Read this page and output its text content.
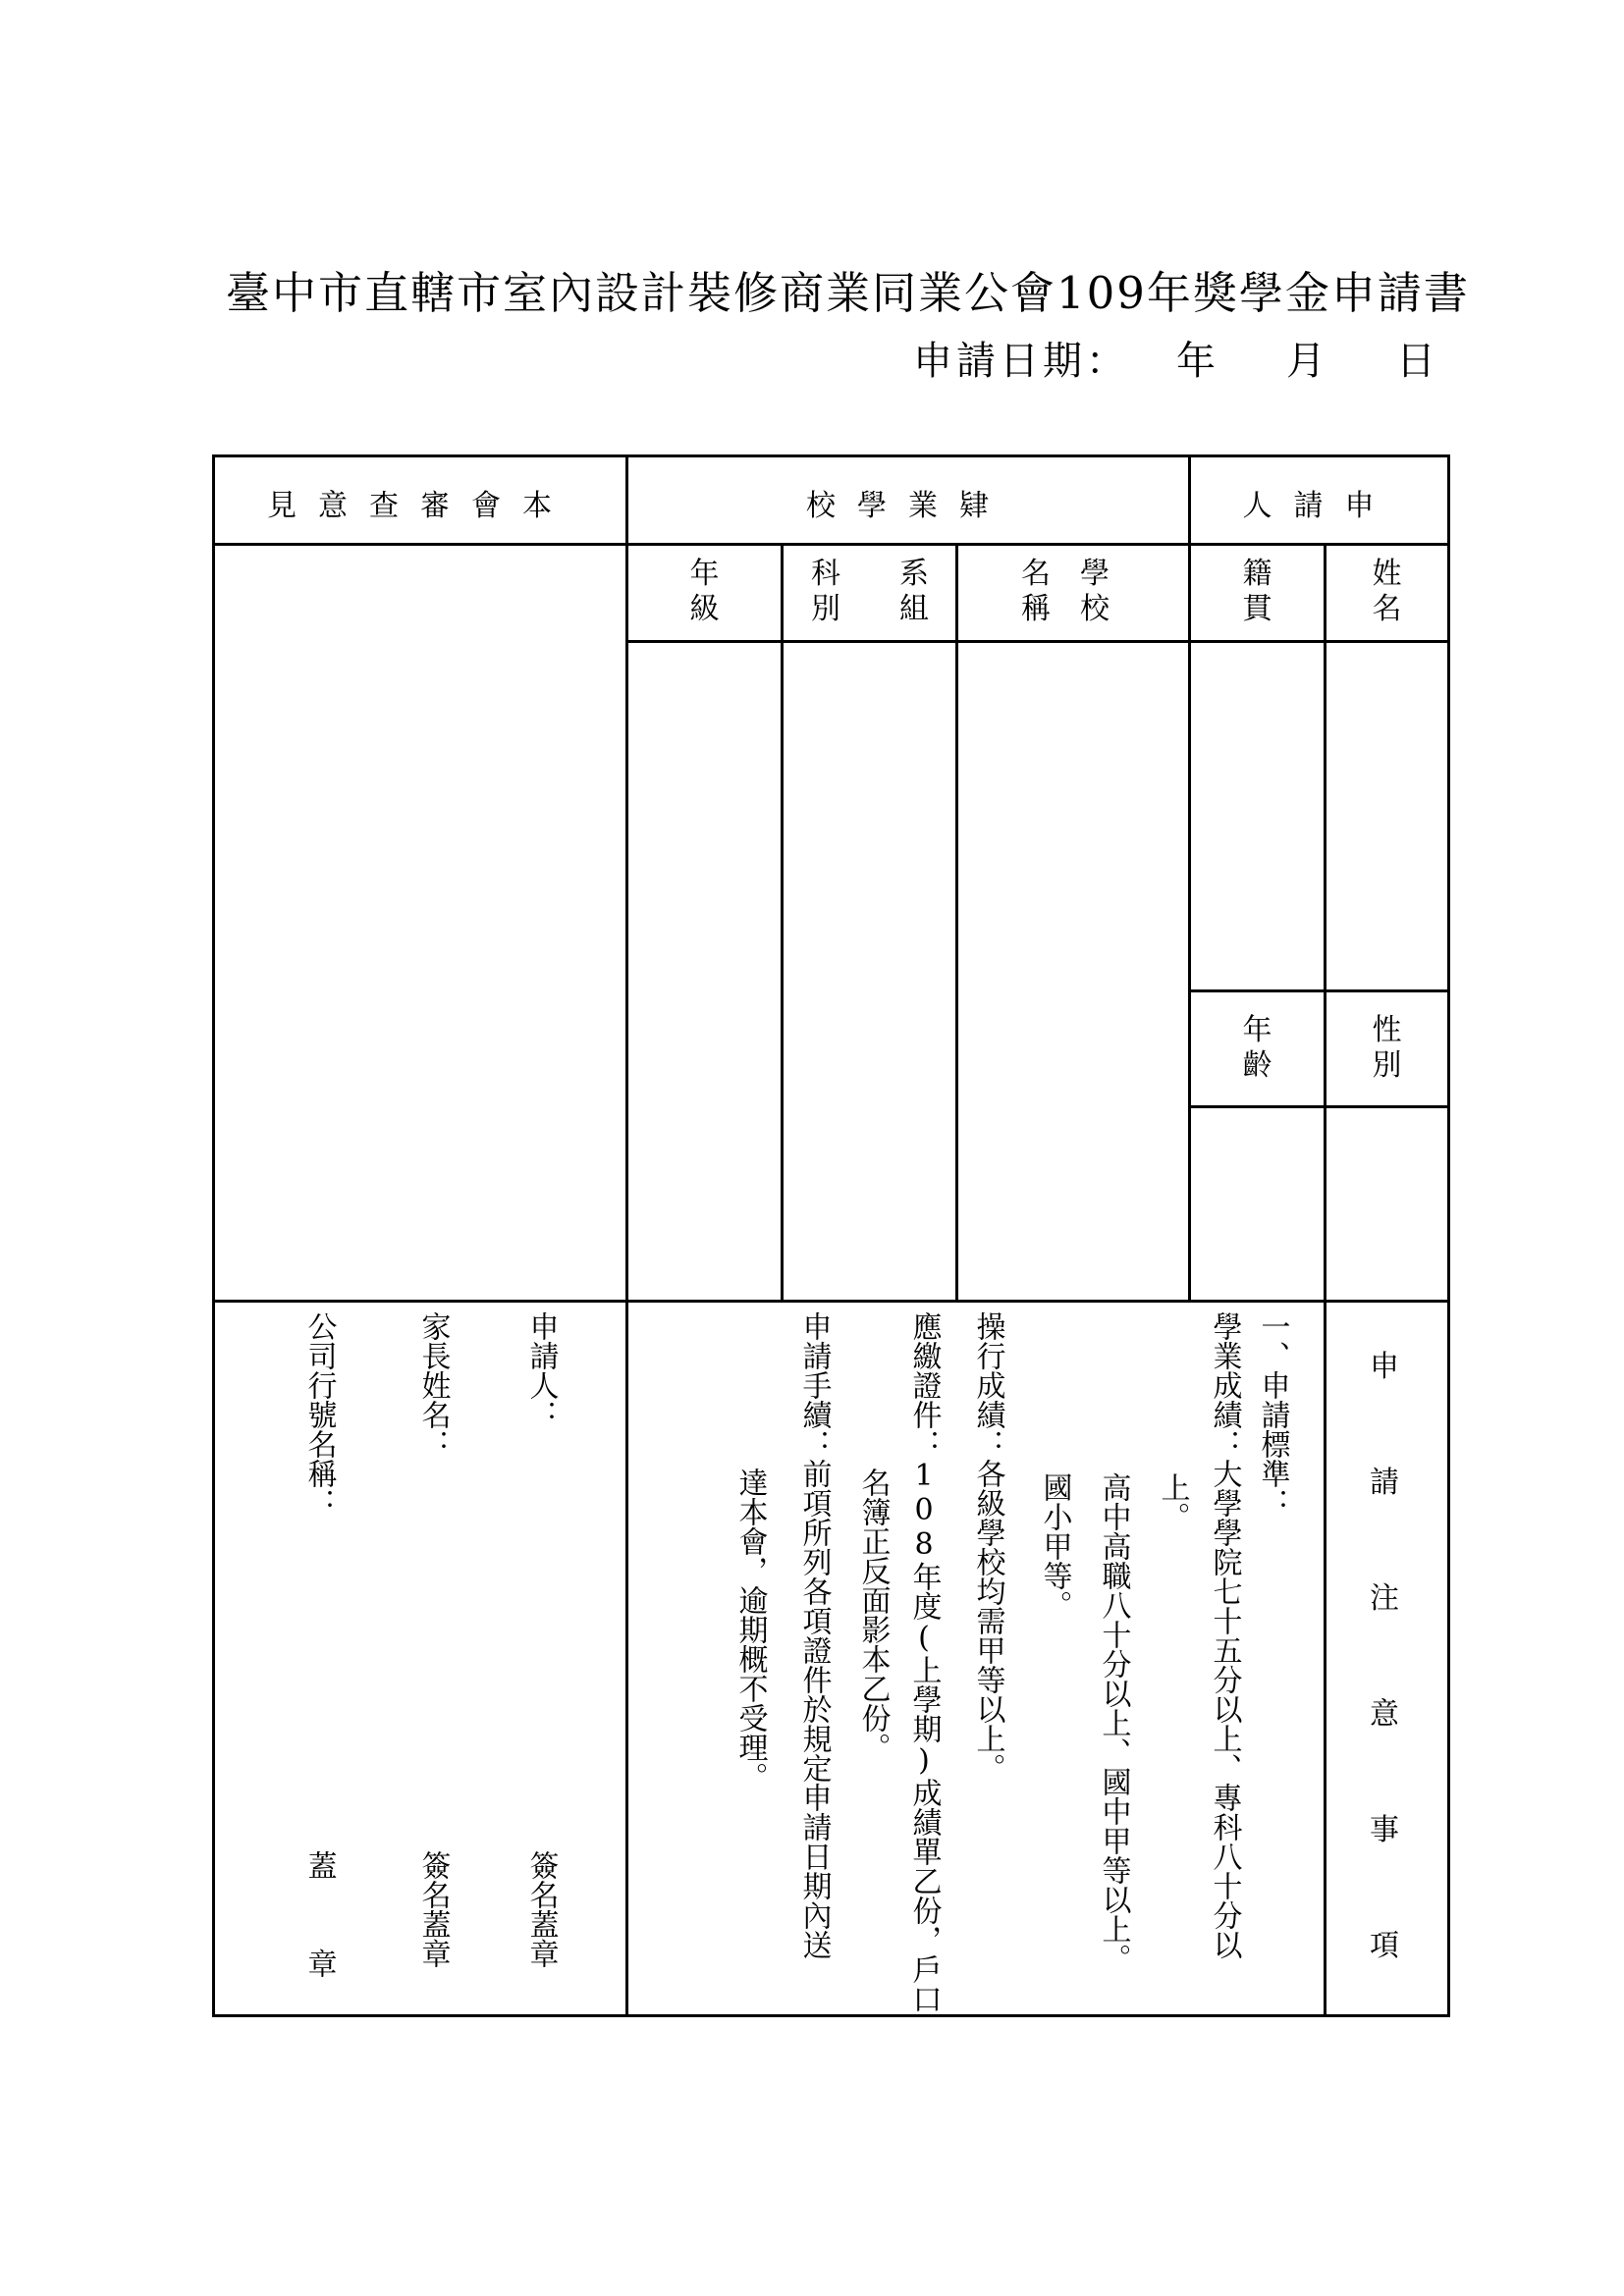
臺中市直轄市室內設計裝修商業同業公會109年獎學金申請書
申請日期： 年 月 日
見意查審會本	校學業肄	人請申
年
級
科 系
別 組
名 學
稱 校
籍
貫
姓
名
年
齡
性
別
申
請
注
意
事
項
一、申請標準：
學業成績：大學學院七十五分以上、專科八十分以
上。
高中高職八十分以上、國中甲等以上。
國小甲等。
操行成績：各級學校均需甲等以上。
應繳證件：108年度(上學期)成績單乙份，戶口
名簿正反面影本乙份。
申請手續：前項所列各項證件於規定申請日期內送
達本會，逾期概不受理。
申請人：
簽名蓋章
家長姓名：
簽名蓋章
公司行號名稱：
蓋
章
